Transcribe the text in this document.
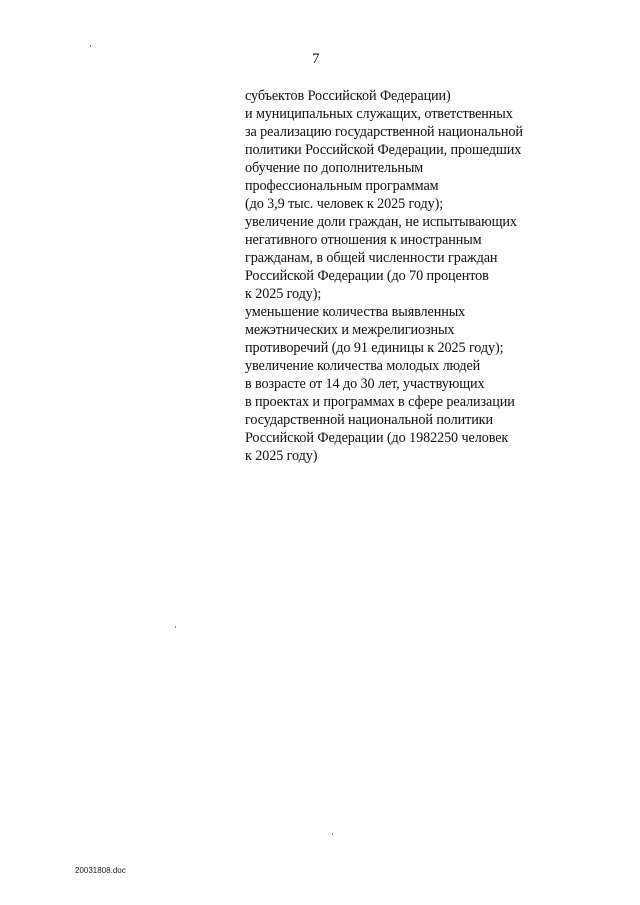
7
субъектов Российской Федерации)
и муниципальных служащих, ответственных
за реализацию государственной национальной
политики Российской Федерации, прошедших
обучение по дополнительным
профессиональным программам
(до 3,9 тыс. человек к 2025 году);
увеличение доли граждан, не испытывающих
негативного отношения к иностранным
гражданам, в общей численности граждан
Российской Федерации (до 70 процентов
к 2025 году);
уменьшение количества выявленных
межэтнических и межрелигиозных
противоречий (до 91 единицы к 2025 году);
увеличение количества молодых людей
в возрасте от 14 до 30 лет, участвующих
в проектах и программах в сфере реализации
государственной национальной политики
Российской Федерации (до 1982250 человек
к 2025 году)
20031808.doc
